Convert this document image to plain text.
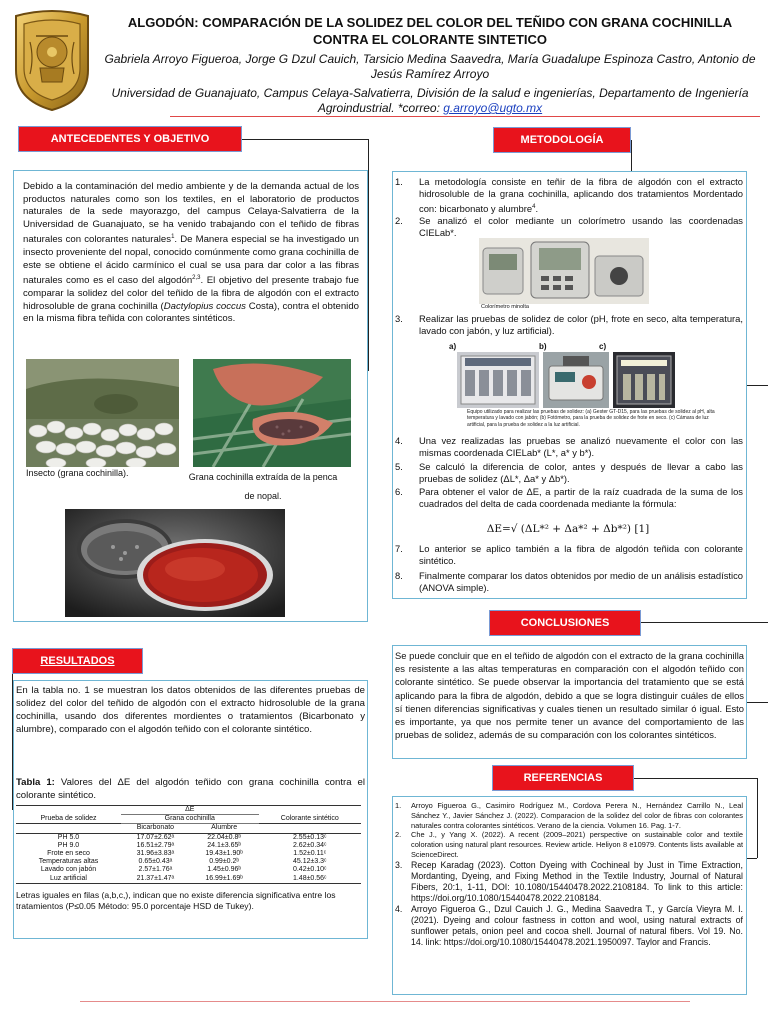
ALGODÓN: COMPARACIÓN DE LA SOLIDEZ DEL COLOR DEL TEÑIDO CON GRANA COCHINILLA CONTRA EL COLORANTE SINTETICO
Gabriela Arroyo Figueroa, Jorge G Dzul Cauich, Tarsicio Medina Saavedra, María Guadalupe Espinoza Castro, Antonio de Jesús Ramírez Arroyo
Universidad de Guanajuato, Campus Celaya-Salvatierra, División de la salud e ingenierías, Departamento de Ingeniería Agroindustrial. *correo: g.arroyo@ugto.mx
ANTECEDENTES Y OBJETIVO

Debido a la contaminación del medio ambiente y de la demanda actual de los productos naturales como son los textiles, en el laboratorio de productos naturales de la sede mayorazgo, del campus Celaya-Salvatierra de la Universidad de Guanajuato, se ha venido trabajando con el teñido de fibras naturales con colorantes naturales$^1$. De Manera especial se ha investigado un insecto proveniente del nopal, conocido comúnmente como grana cochinilla de este se obtiene el ácido carmínico el cual se usa para dar color a las fibras naturales como es el caso del algodón$^{2,3}$. El objetivo del presente trabajo fue comparar la solidez del color del teñido de la fibra de algodón con el extracto hidrosoluble de grana cochinilla (Dactylopius coccus Costa), contra el obtenido en la misma fibra teñida con colorantes sintéticos.

Insecto (grana cochinilla).	Grana cochinilla extraída de la penca de nopal.
METODOLOGÍA
1. La metodología consiste en teñir de la fibra de algodón con el extracto hidrosoluble de la grana cochinilla, aplicando dos tratamientos Mordentado con: bicarbonato y alumbre$^4$.
2. Se analizó el color mediante un colorímetro usando las coordenadas CIELab*.
Colorímetro minolta
3. Realizar las pruebas de solidez de color (pH, frote en seco, alta temperatura, lavado con jabón, y luz artificial).
a)	b)	c)
Equipo utilizado para realizar las pruebas de solidez: (a) Gester GT-D15, para las pruebas de solidez al pH, alta temperatura y lavado con jabón; (b) Fotómetro, para la prueba de solidez de frote en seco. (c) Cámara de luz artificial, para la prueba de solidez a la luz artificial.
4. Una vez realizadas las pruebas se analizó nuevamente el color con las mismas coordenada CIELab* (L*, a* y b*).
5. Se calculó la diferencia de color, antes y después de llevar a cabo las pruebas de solidez (ΔL*, Δa* y Δb*).
6. Para obtener el valor de ΔE, a partir de la raíz cuadrada de la suma de los cuadrados del delta de cada coordenada mediante la fórmula:
ΔE=√ (ΔL*² + Δa*² + Δb*²) [1]
7. Lo anterior se aplico también a la fibra de algodón teñida con colorante sintético.
8. Finalmente comparar los datos obtenidos por medio de un análisis estadístico (ANOVA simple).
CONCLUSIONES

Se puede concluir que en el teñido de algodón con el extracto de la grana cochinilla es resistente a las altas temperaturas en comparación con el algodón teñido con colorante sintético. Se puede observar la importancia del tratamiento que se está aplicando para la fibra de algodón, debido a que se logra distinguir cuáles de ellos sí tienen diferencias significativas y cuales tienen un resultado similar ó igual. Esto es importante, ya que nos permite tener un avance del comportamiento de las pruebas de solidez, además de su comparación con los colorantes sintéticos.

RESULTADOS

En la tabla no. 1 se muestran los datos obtenidos de las diferentes pruebas de solidez del color del teñido de algodón con el extracto hidrosoluble de la grana cochinilla, usando dos diferentes mordientes o tratamientos (Bicarbonato y alumbre), comparado con el algodón teñido con el colorante sintético.

Tabla 1: Valores del ΔE del algodón teñido con grana cochinilla contra el colorante sintético.

	ΔE		
Prueba de solidez	Grana cochinilla		Colorante sintético
	Bicarbonato	Alumbre	
PH 5.0	17.07±2.62ᵃ	22.04±0.8ᵇ	2.55±0.13ᶜ
PH 9.0	16.51±2.79ᵃ	24.1±3.65ᵇ	2.62±0.34ᶜ
Frote en seco	31.96±3.83ᵃ	19.43±1.90ᵇ	1.52±0.11ᶜ
Temperaturas altas	0.65±0.43ᵃ	0.99±0.2ᵇ	45.12±3.3ᶜ
Lavado con jabón	2.57±1.76ᵃ	1.45±0.96ᵇ	0.42±0.10ᶜ
Luz artificial	21.37±1.47ᵃ	16.99±1.69ᵇ	1.48±0.56ᶜ

Letras iguales en filas (a,b,c,), indican que no existe diferencia significativa entre los tratamientos (P≤0.05 Método: 95.0 porcentaje HSD de Tukey).

REFERENCIAS
1. Arroyo Figueroa G., Casimiro Rodríguez M., Cordova Perera N., Hernández Carrillo N., Leal Sánchez Y., Javier Sánchez J. (2022). Comparacion de la solidez del color de fibras con colorantes naturales contra colorantes sintéticos. Verano de la ciencia. Volumen 16. Pag. 1-7.
2. Che J., y Yang X. (2022). A recent (2009–2021) perspective on sustainable color and textile coloration using natural plant resources. Review article. Heliyon 8 e10979. Contents lists available at ScienceDirect.
3. Recep Karadag (2023). Cotton Dyeing with Cochineal by Just in Time Extraction, Mordanting, Dyeing, and Fixing Method in the Textile Industry, Journal of Natural Fibers, 20:1, 1-11, DOI: 10.1080/15440478.2022.2108184. To link to this article: https://doi.org/10.1080/15440478.2022.2108184.
4. Arroyo Figueroa G., Dzul Cauich J. G., Medina Saavedra T., y García Vieyra M. I. (2021). Dyeing and colour fastness in cotton and wool, using natural extracts of sunflower petals, onion peel and cocoa shell. Journal of natural fibers. Vol 19. No. 14. link: https://doi.org/10.1080/15440478.2021.1950097. Taylor and Francis.
